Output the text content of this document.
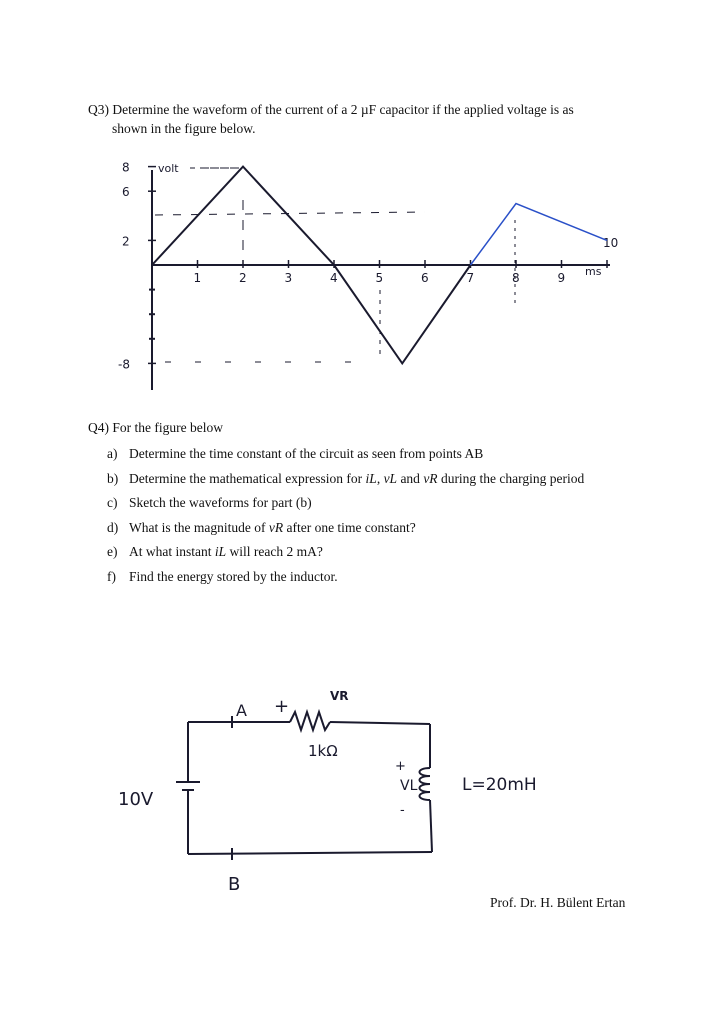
Q3) Determine the waveform of the current of a 2 µF capacitor if the applied voltage is as
shown in the figure below.
volt
ms
8
6
2
-8
1	2	3	4	5	6	7	8	9
10
Q4) For the figure below
a) Determine the time constant of the circuit as seen from points AB
b) Determine the mathematical expression for iL, vL and vR during the charging period
c) Sketch the waveforms for part (b)
d) What is the magnitude of vR after one time constant?
e) At what instant iL will reach 2 mA?
f) Find the energy stored by the inductor.
10V
A
B
+	VR
1kΩ
+
VL
-
L=20mH
Prof. Dr. H. Bülent Ertan
